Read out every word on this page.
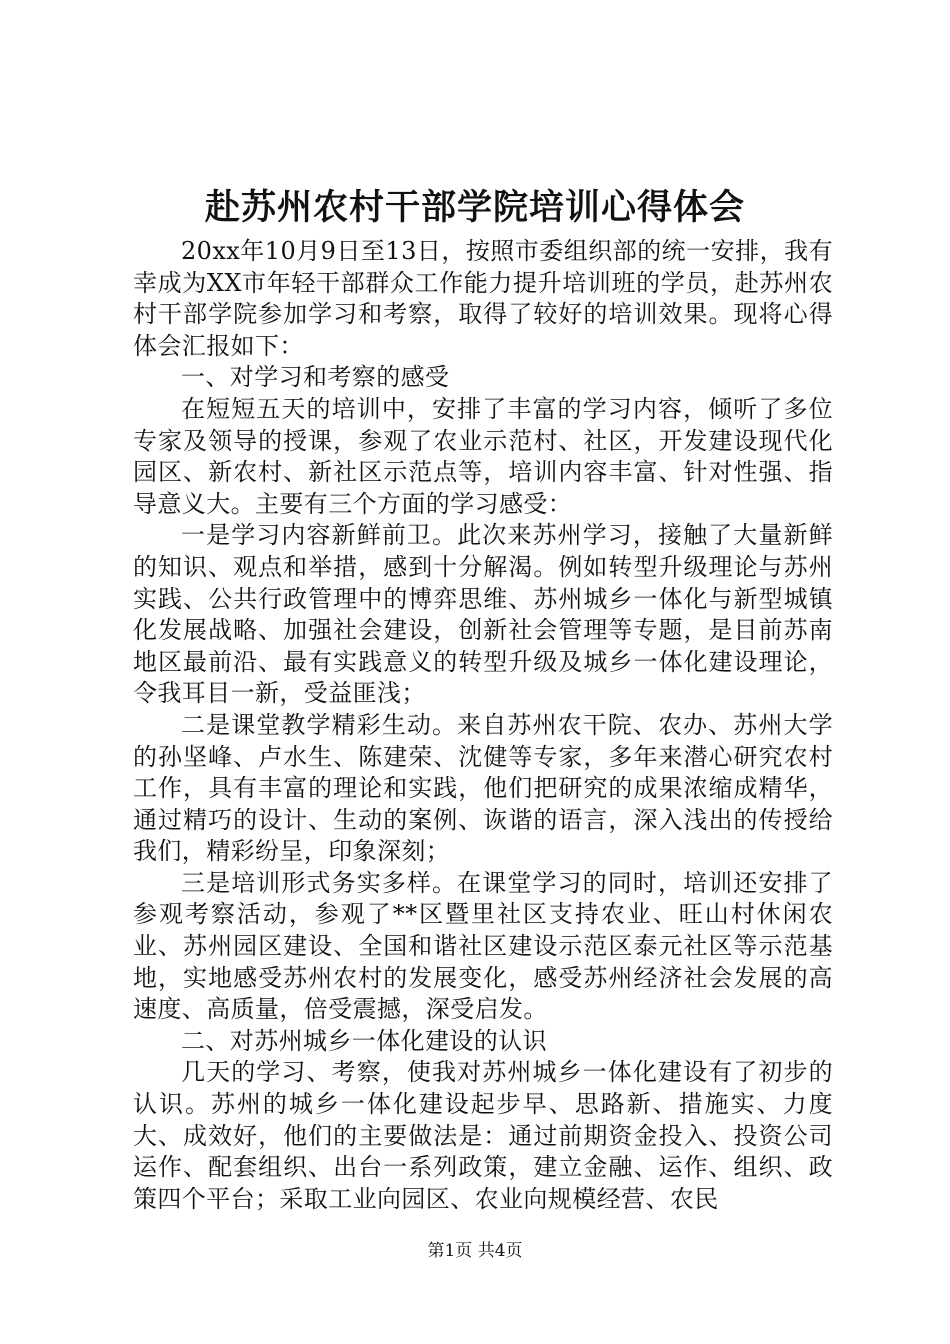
赴苏州农村干部学院培训心得体会

20xx年10月9日至13日，按照市委组织部的统一安排，我有幸成为XX市年轻干部群众工作能力提升培训班的学员，赴苏州农村干部学院参加学习和考察，取得了较好的培训效果。现将心得体会汇报如下：

一、对学习和考察的感受

在短短五天的培训中，安排了丰富的学习内容，倾听了多位专家及领导的授课，参观了农业示范村、社区，开发建设现代化园区、新农村、新社区示范点等，培训内容丰富、针对性强、指导意义大。主要有三个方面的学习感受：

一是学习内容新鲜前卫。此次来苏州学习，接触了大量新鲜的知识、观点和举措，感到十分解渴。例如转型升级理论与苏州实践、公共行政管理中的博弈思维、苏州城乡一体化与新型城镇化发展战略、加强社会建设，创新社会管理等专题，是目前苏南地区最前沿、最有实践意义的转型升级及城乡一体化建设理论，令我耳目一新，受益匪浅；

二是课堂教学精彩生动。来自苏州农干院、农办、苏州大学的孙坚峰、卢水生、陈建荣、沈健等专家，多年来潜心研究农村工作，具有丰富的理论和实践，他们把研究的成果浓缩成精华，通过精巧的设计、生动的案例、诙谐的语言，深入浅出的传授给我们，精彩纷呈，印象深刻；

三是培训形式务实多样。在课堂学习的同时，培训还安排了参观考察活动，参观了**区暨里社区支持农业、旺山村休闲农业、苏州园区建设、全国和谐社区建设示范区泰元社区等示范基地，实地感受苏州农村的发展变化，感受苏州经济社会发展的高速度、高质量，倍受震撼，深受启发。

二、对苏州城乡一体化建设的认识

几天的学习、考察，使我对苏州城乡一体化建设有了初步的认识。苏州的城乡一体化建设起步早、思路新、措施实、力度大、成效好，他们的主要做法是：通过前期资金投入、投资公司运作、配套组织、出台一系列政策，建立金融、运作、组织、政策四个平台；采取工业向园区、农业向规模经营、农民

第1页 共4页
